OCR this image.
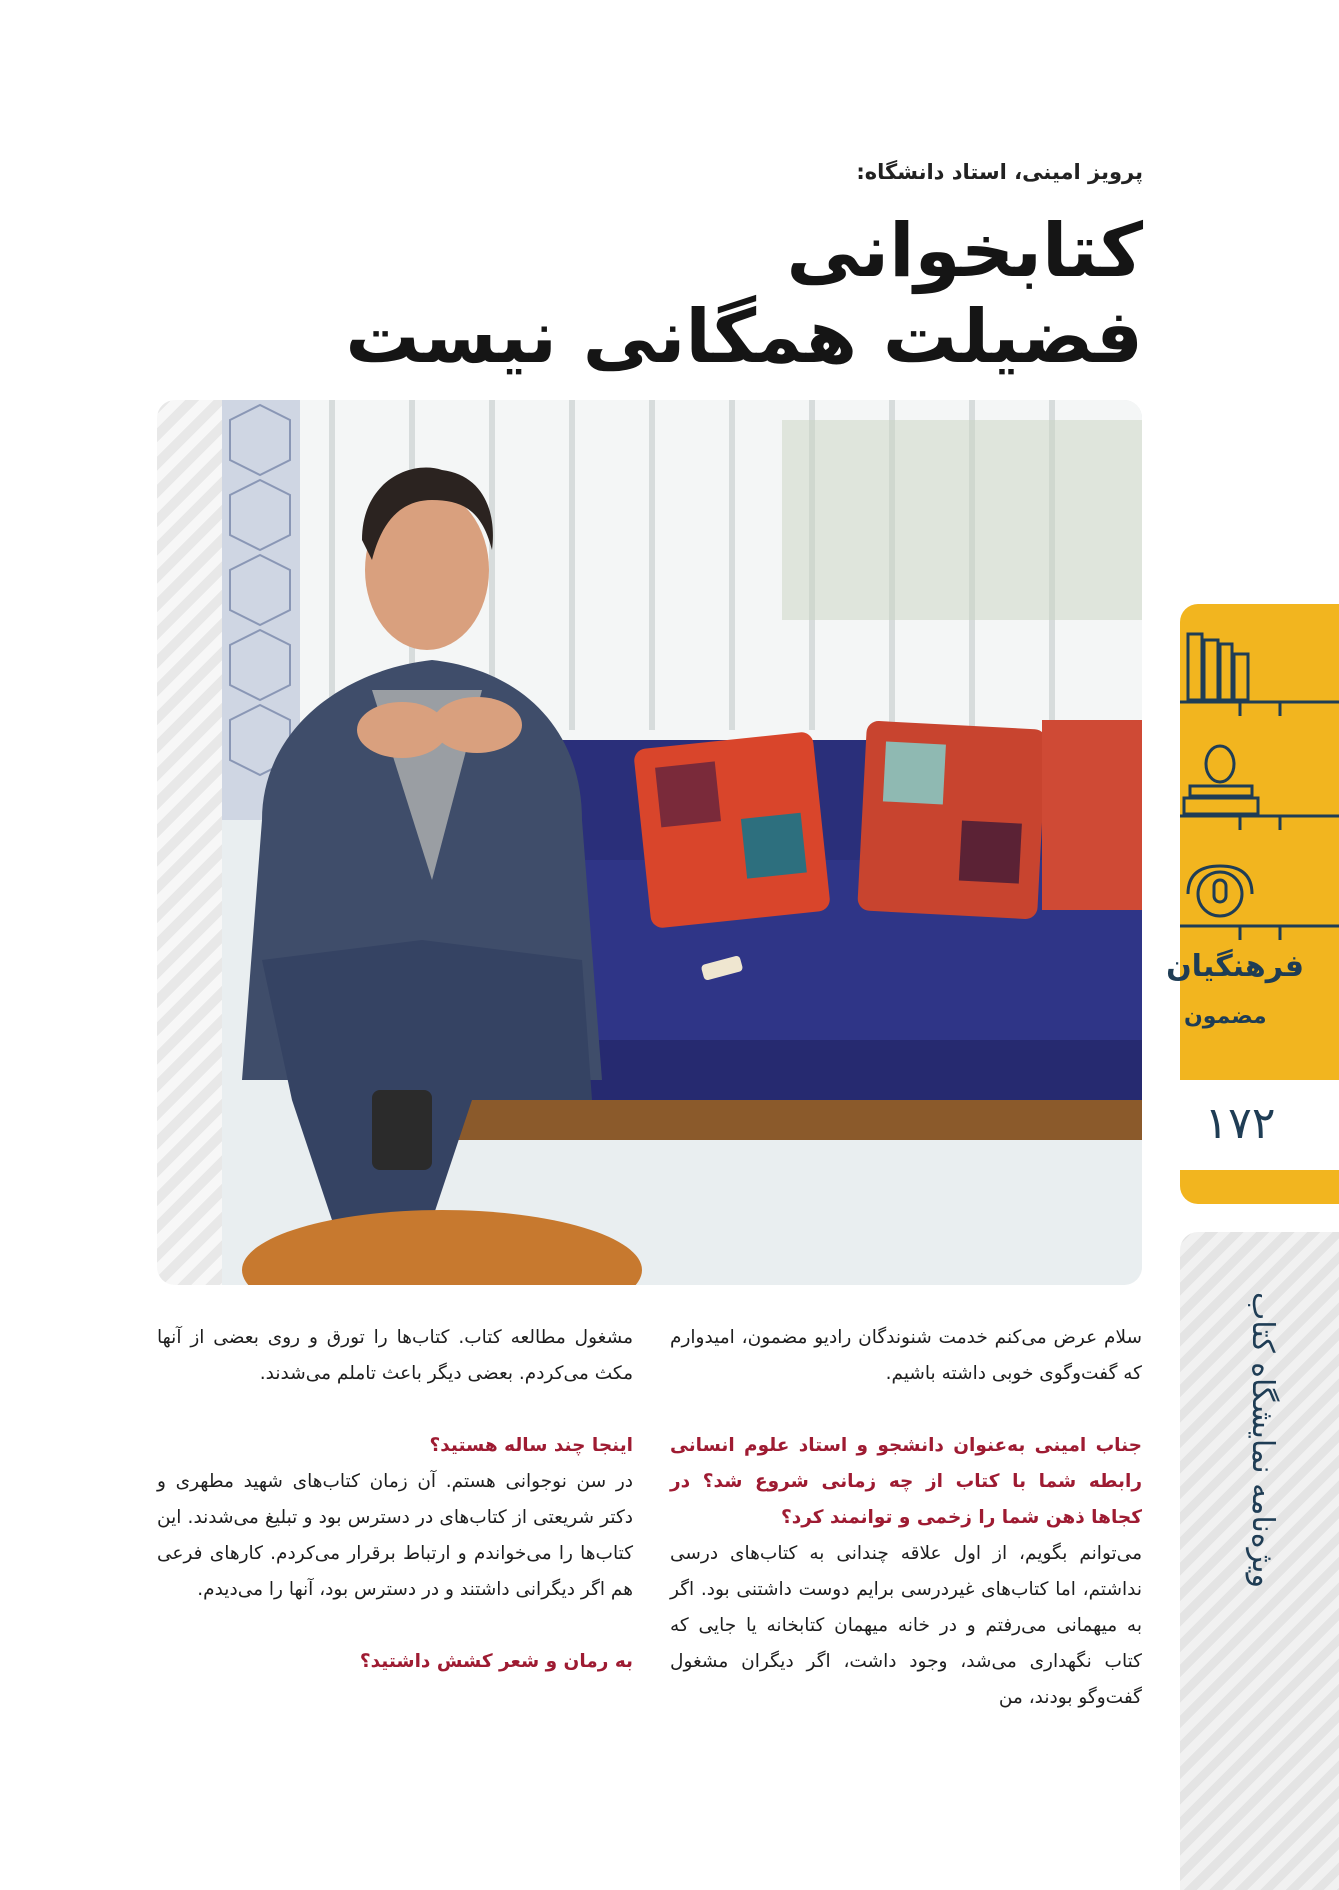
پرویز امینی، استاد دانشگاه:
کتابخوانی
فضیلت همگانی نیست
فرهنگیان
مضمون
۱۷۲
ویژه‌نامه نمایشگاه کتاب

سلام عرض می‌کنم خدمت شنوندگان رادیو مضمون، امیدوارم که گفت‌وگوی خوبی داشته باشیم.

جناب امینی به‌عنوان دانشجو و استاد علوم انسانی رابطه شما با کتاب از چه زمانی شروع شد؟ در کجاها ذهن شما را زخمی و توانمند کرد؟

می‌توانم بگویم، از اول علاقه چندانی به کتاب‌های درسی نداشتم، اما کتاب‌های غیردرسی برایم دوست داشتنی بود. اگر به میهمانی می‌رفتم و در خانه میهمان کتابخانه یا جایی که کتاب نگهداری می‌شد، وجود داشت، اگر دیگران مشغول گفت‌وگو بودند، من

مشغول مطالعه کتاب. کتاب‌ها را تورق و روی بعضی از آنها مکث می‌کردم. بعضی دیگر باعث تاملم می‌شدند.

اینجا چند ساله هستید؟

در سن نوجوانی هستم. آن زمان کتاب‌های شهید مطهری و دکتر شریعتی از کتاب‌های در دسترس بود و تبلیغ می‌شدند. این کتاب‌ها را می‌خواندم و ارتباط برقرار می‌کردم. کارهای فرعی هم اگر دیگرانی داشتند و در دسترس بود، آنها را می‌دیدم.

به رمان و شعر کشش داشتید؟
